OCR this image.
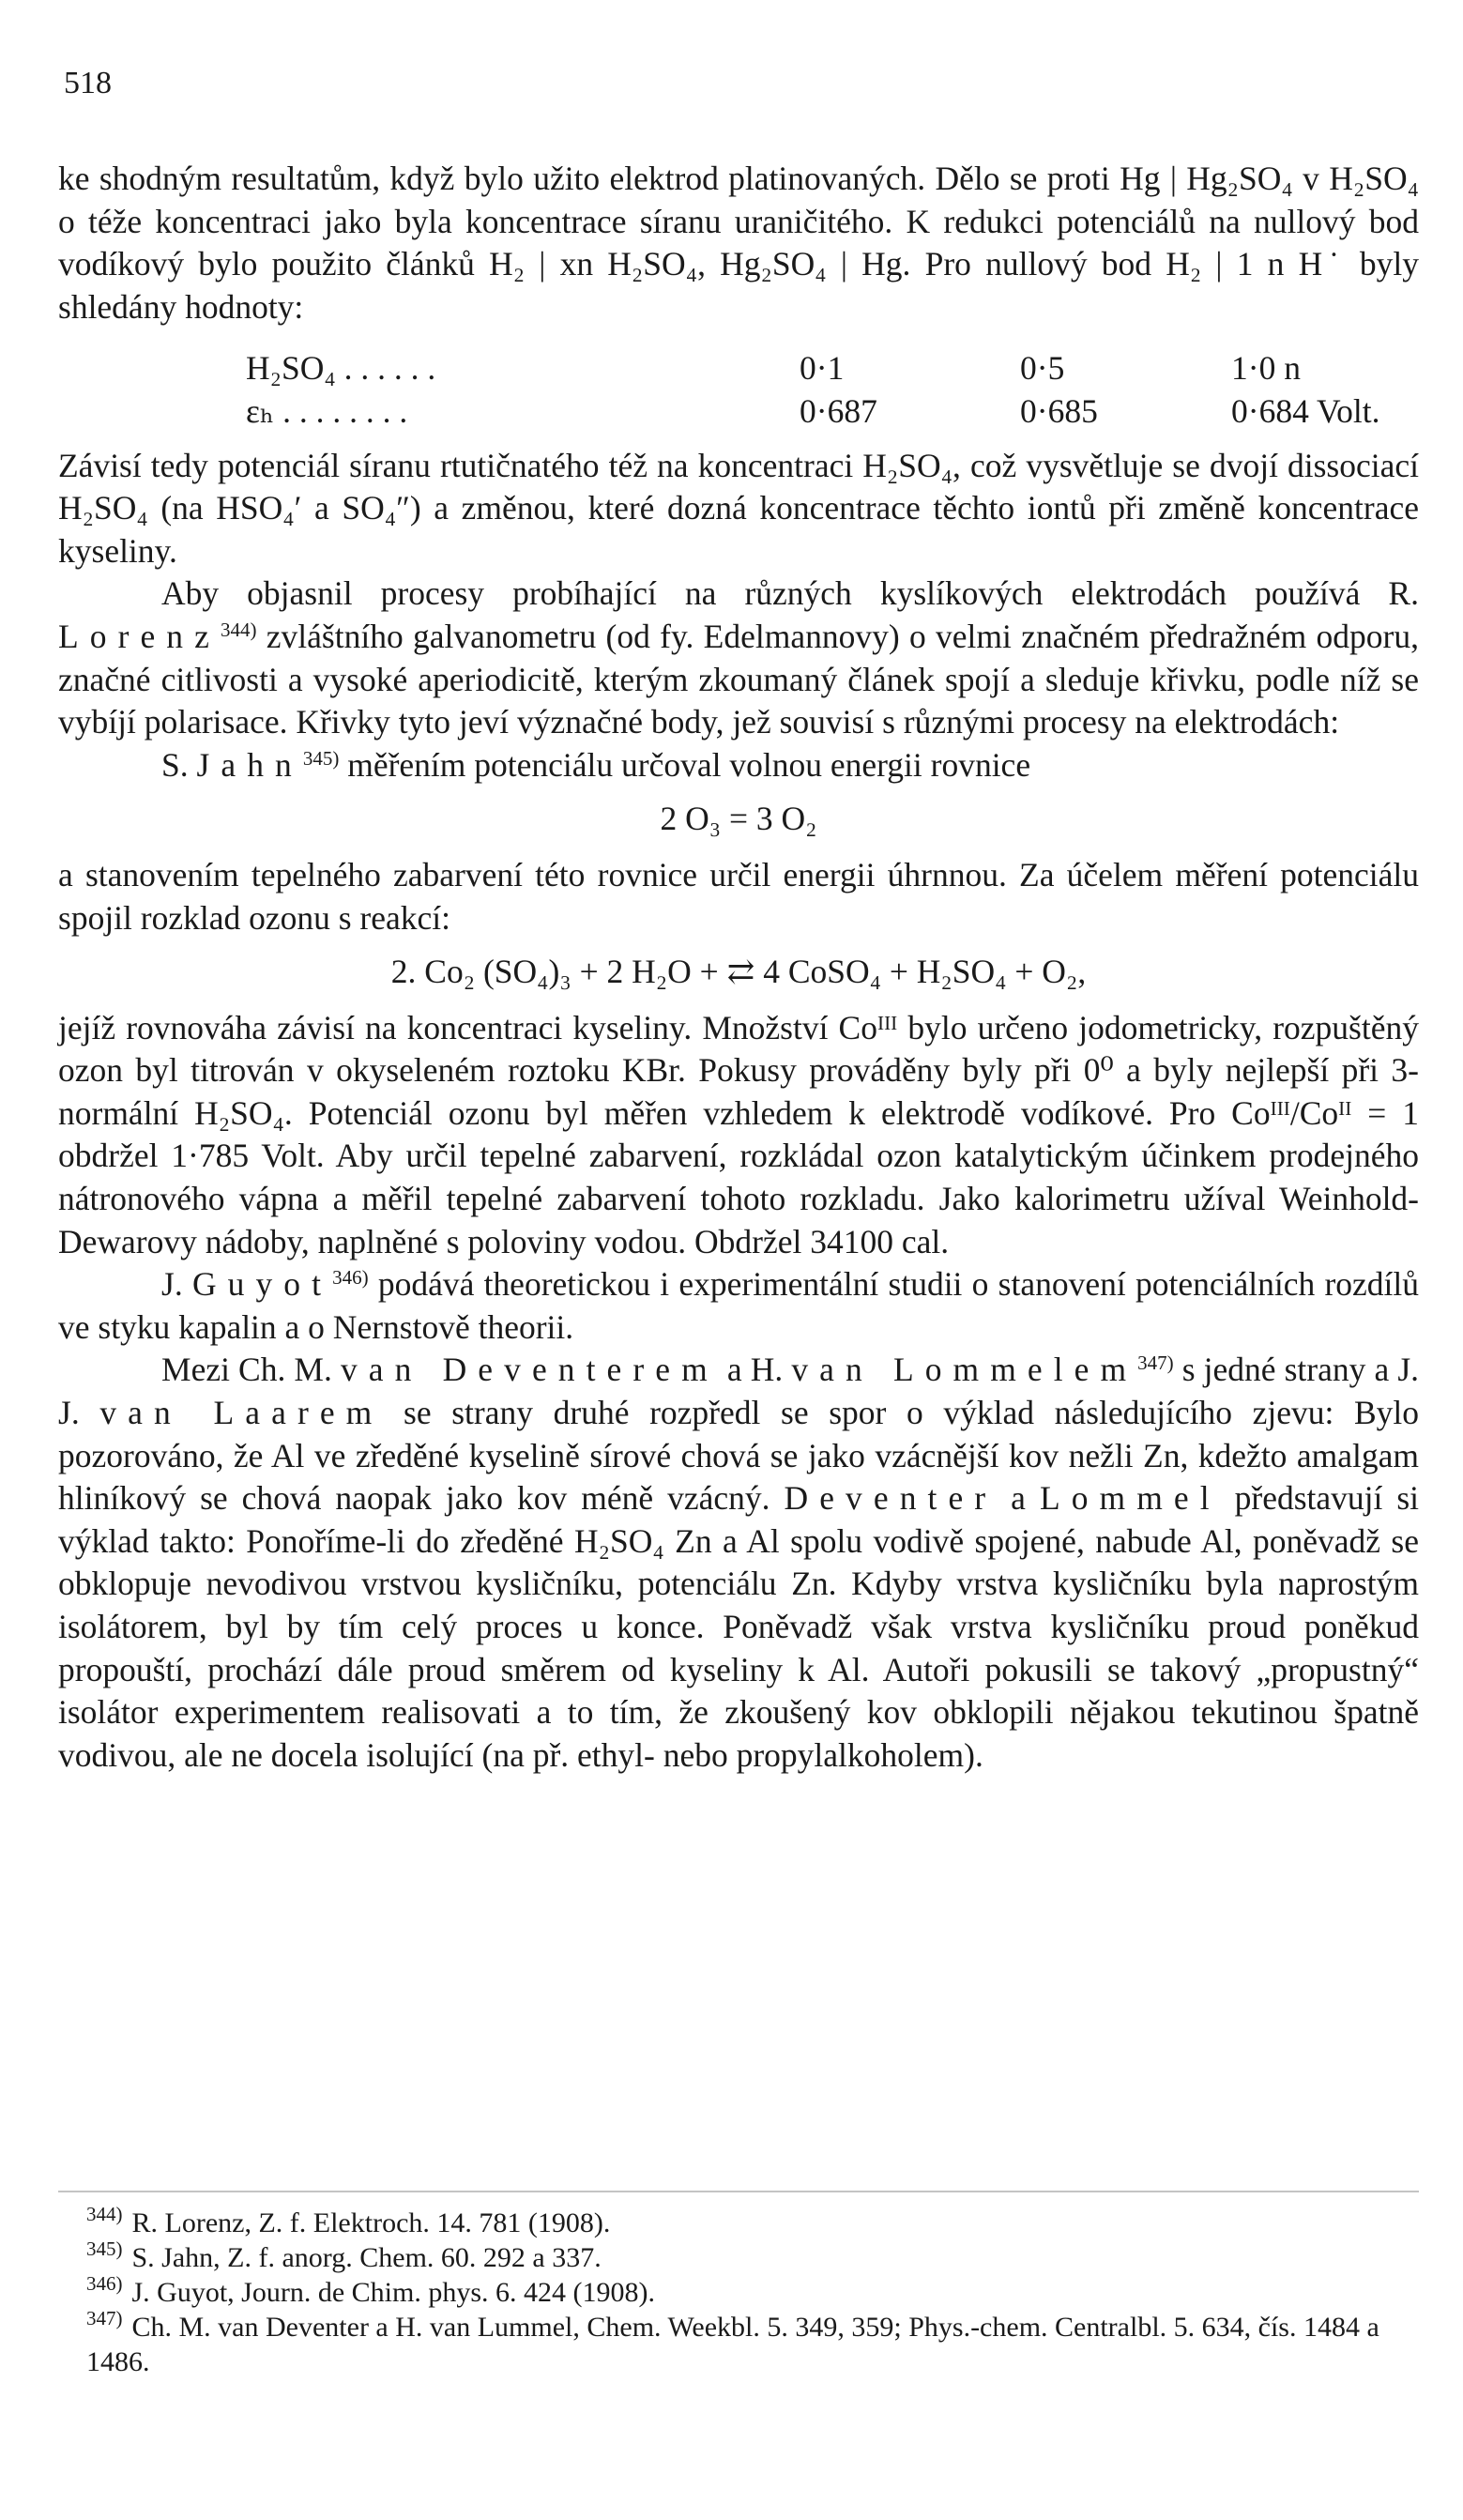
518

ke shodným resultatům, když bylo užito elektrod platinovaných. Dělo se proti Hg | Hg₂SO₄ v H₂SO₄ o téže koncentraci jako byla koncentrace síranu uraničitého. K redukci potenciálů na nullový bod vodíkový bylo použito článků H₂ | xn H₂SO₄, Hg₂SO₄ | Hg. Pro nullový bod H₂ | 1 n H˙ byly shledány hodnoty:

H₂SO₄ . . . . . .	0·1	0·5	1·0 n
εₕ . . . . . . . .	0·687	0·685	0·684 Volt.

Závisí tedy potenciál síranu rtutičnatého též na koncentraci H₂SO₄, což vysvětluje se dvojí dissociací H₂SO₄ (na HSO₄′ a SO₄″) a změnou, které dozná koncentrace těchto iontů při změně koncentrace kyseliny.

Aby objasnil procesy probíhající na různých kyslíkových elektrodách používá R. Lorenz$^{344)}$ zvláštního galvanometru (od fy. Edelmannovy) o velmi značném předražném odporu, značné citlivosti a vysoké aperiodicitě, kterým zkoumaný článek spojí a sleduje křivku, podle níž se vybíjí polarisace. Křivky tyto jeví význačné body, jež souvisí s různými procesy na elektrodách:

S. Jahn$^{345)}$ měřením potenciálu určoval volnou energii rovnice

2 O₃ = 3 O₂

a stanovením tepelného zabarvení této rovnice určil energii úhrnnou. Za účelem měření potenciálu spojil rozklad ozonu s reakcí:

2. Co₂ (SO₄)₃ + 2 H₂O + ⇄ 4 CoSO₄ + H₂SO₄ + O₂,

jejíž rovnováha závisí na koncentraci kyseliny. Množství Coᴵᴵᴵ bylo určeno jodometricky, rozpuštěný ozon byl titrován v okyseleném roztoku KBr. Pokusy prováděny byly při 0⁰ a byly nejlepší při 3-normální H₂SO₄. Potenciál ozonu byl měřen vzhledem k elektrodě vodíkové. Pro Coᴵᴵᴵ/Coᴵᴵ = 1 obdržel 1·785 Volt. Aby určil tepelné zabarvení, rozkládal ozon katalytickým účinkem prodejného nátronového vápna a měřil tepelné zabarvení tohoto rozkladu. Jako kalorimetru užíval Weinhold-Dewarovy nádoby, naplněné s poloviny vodou. Obdržel 34100 cal.

J. Guyot$^{346)}$ podává theoretickou i experimentální studii o stanovení potenciálních rozdílů ve styku kapalin a o Nernstově theorii.

Mezi Ch. M. van Deventerem a H. van Lommelem$^{347)}$ s jedné strany a J. J. van Laarem se strany druhé rozpředl se spor o výklad následujícího zjevu: Bylo pozorováno, že Al ve zředěné kyselině sírové chová se jako vzácnější kov nežli Zn, kdežto amalgam hliníkový se chová naopak jako kov méně vzácný. Deventer a Lommel představují si výklad takto: Ponoříme-li do zředěné H₂SO₄ Zn a Al spolu vodivě spojené, nabude Al, poněvadž se obklopuje nevodivou vrstvou kysličníku, potenciálu Zn. Kdyby vrstva kysličníku byla naprostým isolátorem, byl by tím celý proces u konce. Poněvadž však vrstva kysličníku proud poněkud propouští, prochází dále proud směrem od kyseliny k Al. Autoři pokusili se takový „propustný“ isolátor experimentem realisovati a to tím, že zkoušený kov obklopili nějakou tekutinou špatně vodivou, ale ne docela isolující (na př. ethyl- nebo propylalkoholem).

$^{344)}$ R. Lorenz, Z. f. Elektroch. 14. 781 (1908).
$^{345)}$ S. Jahn, Z. f. anorg. Chem. 60. 292 a 337.
$^{346)}$ J. Guyot, Journ. de Chim. phys. 6. 424 (1908).
$^{347)}$ Ch. M. van Deventer a H. van Lummel, Chem. Weekbl. 5. 349, 359; Phys.-chem. Centralbl. 5. 634, čís. 1484 a 1486.
